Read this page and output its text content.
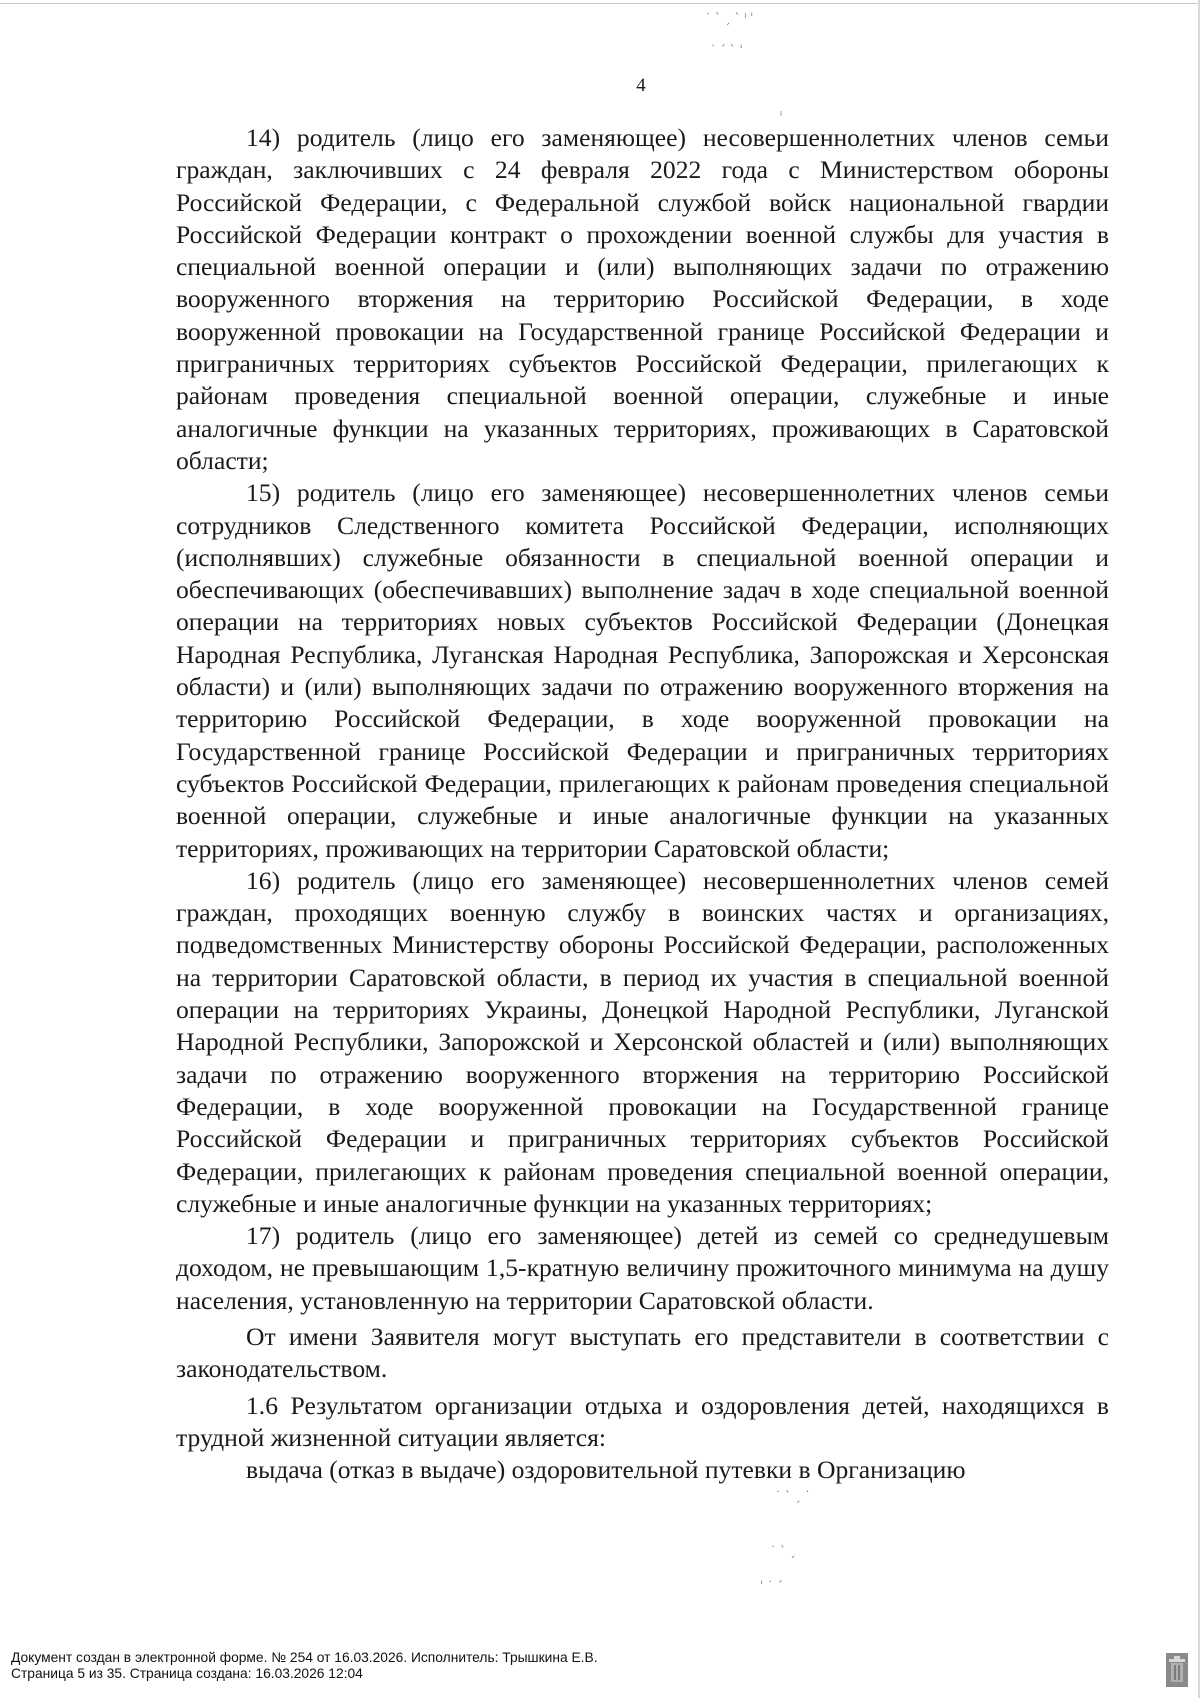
˙ ` ˏ ˋ ˡ ˈ
˙ ˊ ˋ ˈ
ˡ
˙ ˋ ˏ ˙
˙ ˋ ˏ
ˈ ˙ ˊ
4

14) родитель (лицо его заменяющее) несовершеннолетних членов семьи граждан, заключивших с 24 февраля 2022 года с Министерством обороны Российской Федерации, с Федеральной службой войск национальной гвардии Российской Федерации контракт о прохождении военной службы для участия в специальной военной операции и (или) выполняющих задачи по отражению вооруженного вторжения на территорию Российской Федерации, в ходе вооруженной провокации на Государственной границе Российской Федерации и приграничных территориях субъектов Российской Федерации, прилегающих к районам проведения специальной военной операции, служебные и иные аналогичные функции на указанных территориях, проживающих в Саратовской области;

15) родитель (лицо его заменяющее) несовершеннолетних членов семьи сотрудников Следственного комитета Российской Федерации, исполняющих (исполнявших) служебные обязанности в специальной военной операции и обеспечивающих (обеспечивавших) выполнение задач в ходе специальной военной операции на территориях новых субъектов Российской Федерации (Донецкая Народная Республика, Луганская Народная Республика, Запорожская и Херсонская области) и (или) выполняющих задачи по отражению вооруженного вторжения на территорию Российской Федерации, в ходе вооруженной провокации на Государственной границе Российской Федерации и приграничных территориях субъектов Российской Федерации, прилегающих к районам проведения специальной военной операции, служебные и иные аналогичные функции на указанных территориях, проживающих на территории Саратовской области;

16) родитель (лицо его заменяющее) несовершеннолетних членов семей граждан, проходящих военную службу в воинских частях и организациях, подведомственных Министерству обороны Российской Федерации, расположенных на территории Саратовской области, в период их участия в специальной военной операции на территориях Украины, Донецкой Народной Республики, Луганской Народной Республики, Запорожской и Херсонской областей и (или) выполняющих задачи по отражению вооруженного вторжения на территорию Российской Федерации, в ходе вооруженной провокации на Государственной границе Российской Федерации и приграничных территориях субъектов Российской Федерации, прилегающих к районам проведения специальной военной операции, служебные и иные аналогичные функции на указанных территориях;

17) родитель (лицо его заменяющее) детей из семей со среднедушевым доходом, не превышающим 1,5-кратную величину прожиточного минимума на душу населения, установленную на территории Саратовской области.

От имени Заявителя могут выступать его представители в соответствии с законодательством.

1.6 Результатом организации отдыха и оздоровления детей, находящихся в трудной жизненной ситуации является:

выдача (отказ в выдаче) оздоровительной путевки в Организацию

Документ создан в электронной форме. № 254 от 16.03.2026. Исполнитель: Трышкина Е.В.
Страница 5 из 35. Страница создана: 16.03.2026 12:04
